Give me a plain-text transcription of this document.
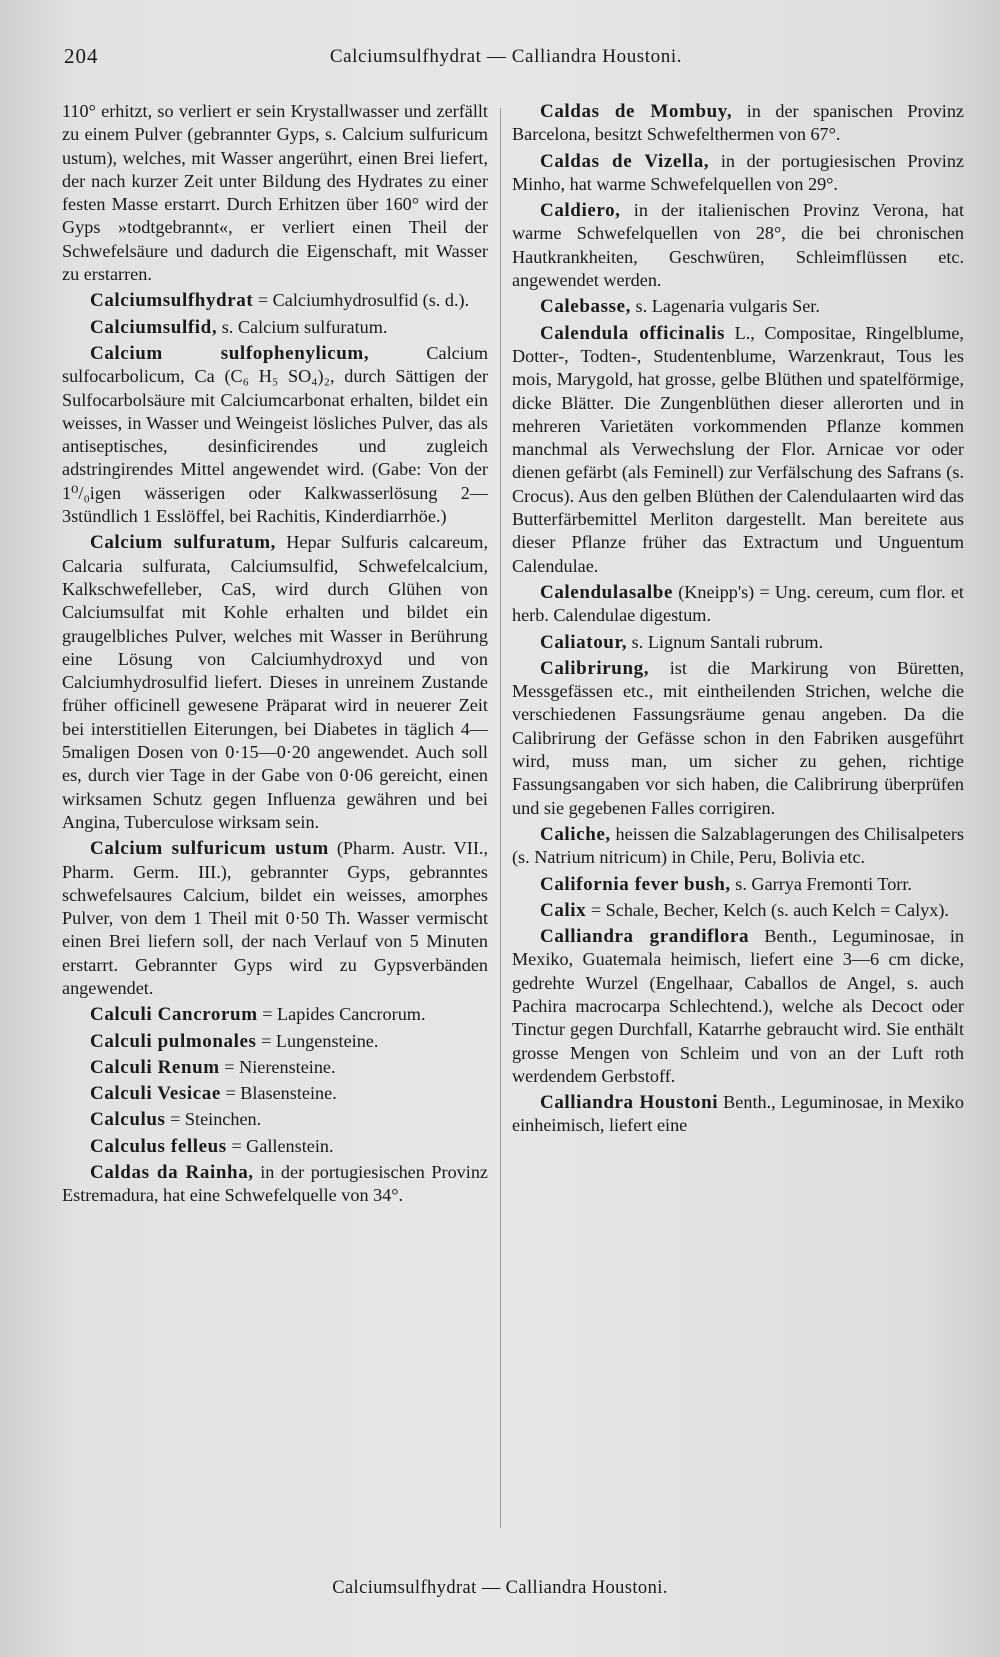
204	Calciumsulfhydrat — Calliandra Houstoni.

110° erhitzt, so verliert er sein Krystallwasser und zerfällt zu einem Pulver (gebrannter Gyps, s. Calcium sulfuricum ustum), welches, mit Wasser angerührt, einen Brei liefert, der nach kurzer Zeit unter Bildung des Hydrates zu einer festen Masse erstarrt. Durch Erhitzen über 160° wird der Gyps »todtgebrannt«, er verliert einen Theil der Schwefelsäure und dadurch die Eigenschaft, mit Wasser zu erstarren.

Calciumsulfhydrat = Calciumhydrosulfid (s. d.).

Calciumsulfid, s. Calcium sulfuratum.

Calcium sulfophenylicum, Calcium sulfocarbolicum, Ca (C₆ H₅ SO₄)₂, durch Sättigen der Sulfocarbolsäure mit Calciumcarbonat erhalten, bildet ein weisses, in Wasser und Weingeist lösliches Pulver, das als antiseptisches, desinficirendes und zugleich adstringirendes Mittel angewendet wird. (Gabe: Von der 1⁰/₀igen wässerigen oder Kalkwasserlösung 2—3stündlich 1 Esslöffel, bei Rachitis, Kinderdiarrhöe.)

Calcium sulfuratum, Hepar Sulfuris calcareum, Calcaria sulfurata, Calciumsulfid, Schwefelcalcium, Kalkschwefelleber, CaS, wird durch Glühen von Calciumsulfat mit Kohle erhalten und bildet ein graugelbliches Pulver, welches mit Wasser in Berührung eine Lösung von Calciumhydroxyd und von Calciumhydrosulfid liefert. Dieses in unreinem Zustande früher officinell gewesene Präparat wird in neuerer Zeit bei interstitiellen Eiterungen, bei Diabetes in täglich 4—5maligen Dosen von 0·15—0·20 angewendet. Auch soll es, durch vier Tage in der Gabe von 0·06 gereicht, einen wirksamen Schutz gegen Influenza gewähren und bei Angina, Tuberculose wirksam sein.

Calcium sulfuricum ustum (Pharm. Austr. VII., Pharm. Germ. III.), gebrannter Gyps, gebranntes schwefelsaures Calcium, bildet ein weisses, amorphes Pulver, von dem 1 Theil mit 0·50 Th. Wasser vermischt einen Brei liefern soll, der nach Verlauf von 5 Minuten erstarrt. Gebrannter Gyps wird zu Gypsverbänden angewendet.

Calculi Cancrorum = Lapides Cancrorum.

Calculi pulmonales = Lungensteine.

Calculi Renum = Nierensteine.

Calculi Vesicae = Blasensteine.

Calculus = Steinchen.

Calculus felleus = Gallenstein.

Caldas da Rainha, in der portugiesischen Provinz Estremadura, hat eine Schwefelquelle von 34°.

Caldas de Mombuy, in der spanischen Provinz Barcelona, besitzt Schwefelthermen von 67°.

Caldas de Vizella, in der portugiesischen Provinz Minho, hat warme Schwefelquellen von 29°.

Caldiero, in der italienischen Provinz Verona, hat warme Schwefelquellen von 28°, die bei chronischen Hautkrankheiten, Geschwüren, Schleimflüssen etc. angewendet werden.

Calebasse, s. Lagenaria vulgaris Ser.

Calendula officinalis L., Compositae, Ringelblume, Dotter-, Todten-, Studentenblume, Warzenkraut, Tous les mois, Marygold, hat grosse, gelbe Blüthen und spatelförmige, dicke Blätter. Die Zungenblüthen dieser allerorten und in mehreren Varietäten vorkommenden Pflanze kommen manchmal als Verwechslung der Flor. Arnicae vor oder dienen gefärbt (als Feminell) zur Verfälschung des Safrans (s. Crocus). Aus den gelben Blüthen der Calendulaarten wird das Butterfärbemittel Merliton dargestellt. Man bereitete aus dieser Pflanze früher das Extractum und Unguentum Calendulae.

Calendulasalbe (Kneipp's) = Ung. cereum, cum flor. et herb. Calendulae digestum.

Caliatour, s. Lignum Santali rubrum.

Calibrirung, ist die Markirung von Büretten, Messgefässen etc., mit eintheilenden Strichen, welche die verschiedenen Fassungsräume genau angeben. Da die Calibrirung der Gefässe schon in den Fabriken ausgeführt wird, muss man, um sicher zu gehen, richtige Fassungsangaben vor sich haben, die Calibrirung überprüfen und sie gegebenen Falles corrigiren.

Caliche, heissen die Salzablagerungen des Chilisalpeters (s. Natrium nitricum) in Chile, Peru, Bolivia etc.

California fever bush, s. Garrya Fremonti Torr.

Calix = Schale, Becher, Kelch (s. auch Kelch = Calyx).

Calliandra grandiflora Benth., Leguminosae, in Mexiko, Guatemala heimisch, liefert eine 3—6 cm dicke, gedrehte Wurzel (Engelhaar, Caballos de Angel, s. auch Pachira macrocarpa Schlechtend.), welche als Decoct oder Tinctur gegen Durchfall, Katarrhe gebraucht wird. Sie enthält grosse Mengen von Schleim und von an der Luft roth werdendem Gerbstoff.

Calliandra Houstoni Benth., Leguminosae, in Mexiko einheimisch, liefert eine

Calciumsulfhydrat — Calliandra Houstoni.
